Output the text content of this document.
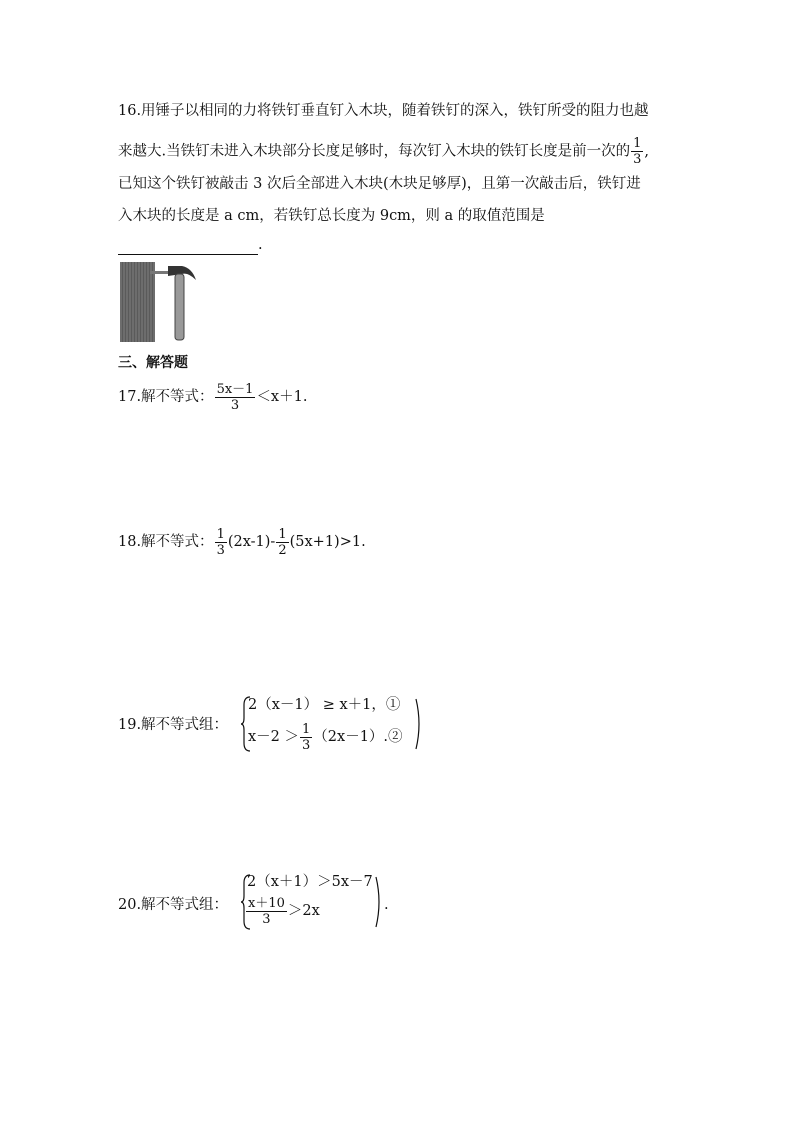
16.用锤子以相同的力将铁钉垂直钉入木块，随着铁钉的深入，铁钉所受的阻力也越
来越大.当铁钉未进入木块部分长度足够时，每次钉入木块的铁钉长度是前一次的 $\frac{1}{3}$ ,
已知这个铁钉被敲击 3 次后全部进入木块(木块足够厚)，且第一次敲击后，铁钉进
入木块的长度是 a cm，若铁钉总长度为 9cm，则 a 的取值范围是
.
三、解答题
17.解不等式： $\frac{5x-1}{3} <x+1$.
18.解不等式： $\frac{1}{3} (2x-1)- \frac{1}{2} (5x+1)>1$.
19.解不等式组：
2（x－1） ≥ x＋1，①
$x-2 > \frac{1}{3}$ （2x－1）.②
20.解不等式组：
2（x＋1）＞5x－7
$\frac{x+10}{3} >2x$	.
